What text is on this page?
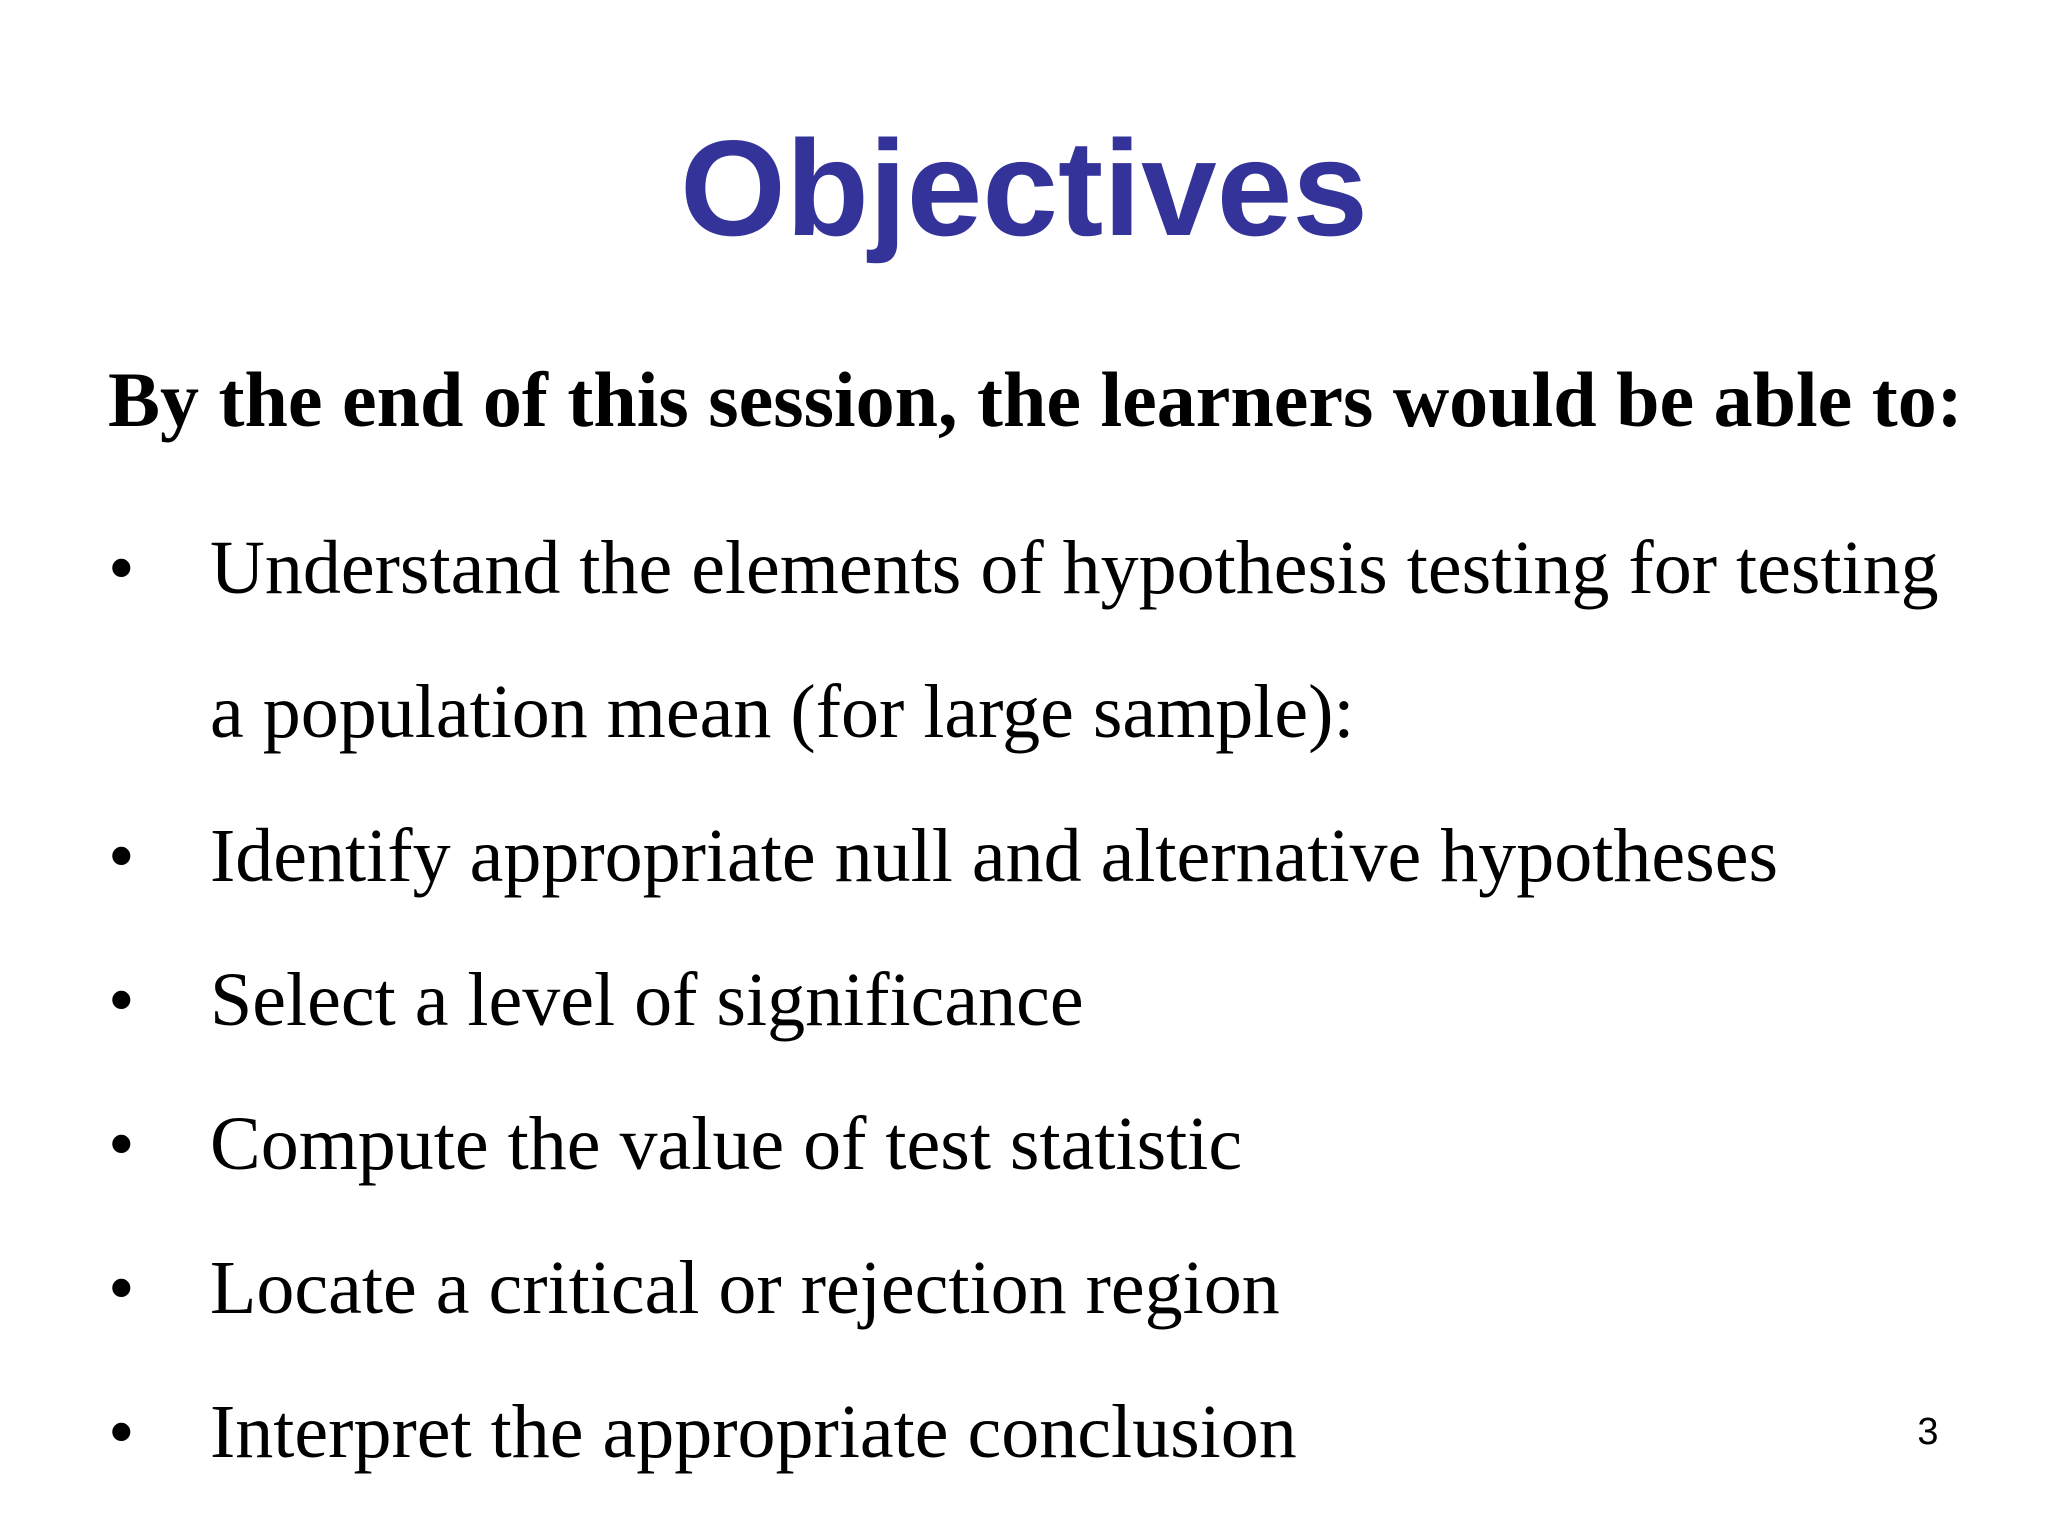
Objectives

By the end of this session, the learners would be able to:

• Understand the elements of hypothesis testing for testing
a population mean (for large sample):
• Identify appropriate null and alternative hypotheses
• Select a level of significance
• Compute the value of test statistic
• Locate a critical or rejection region
• Interpret the appropriate conclusion	3
